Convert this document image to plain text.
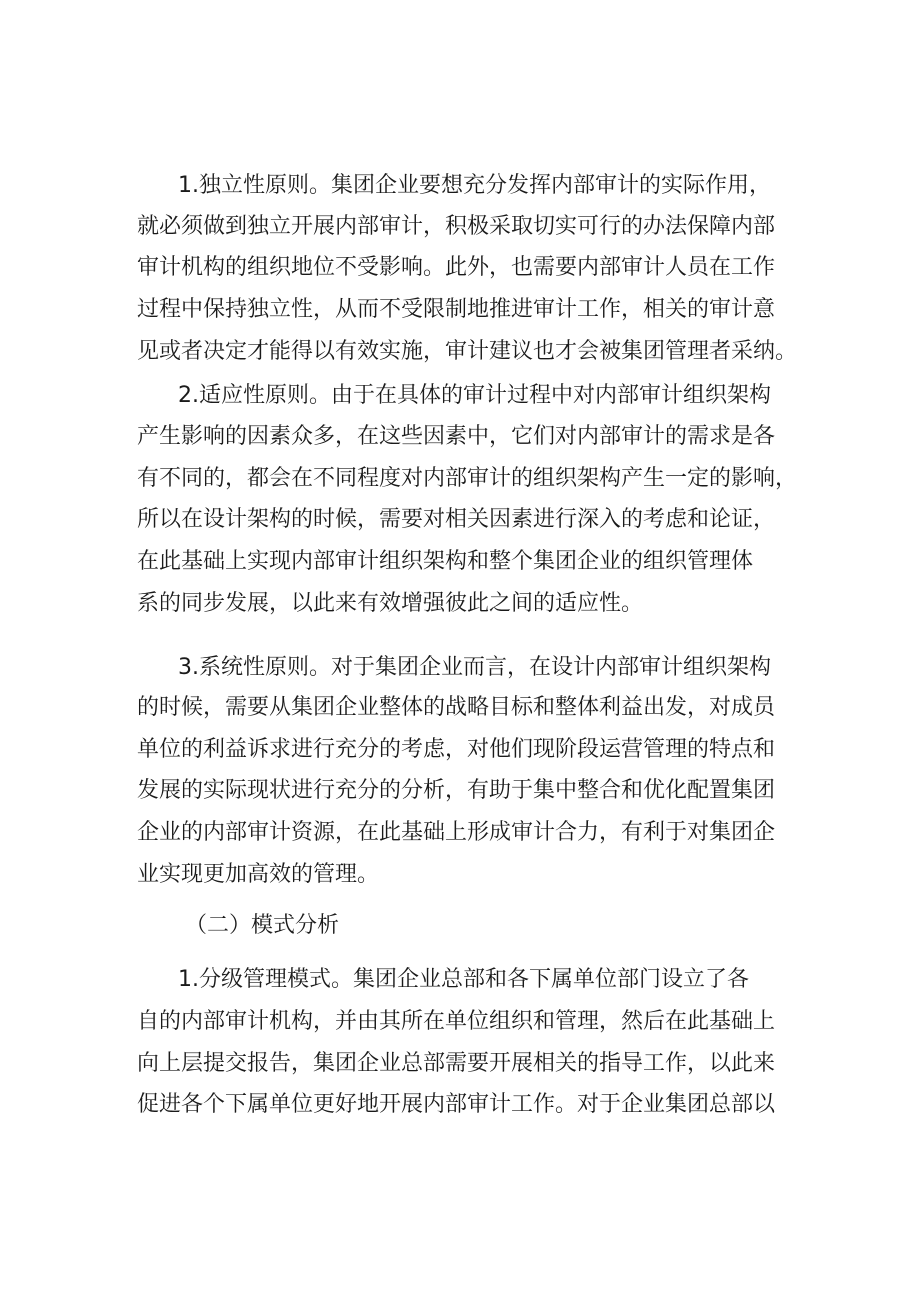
1.独立性原则。集团企业要想充分发挥内部审计的实际作用，
就必须做到独立开展内部审计，积极采取切实可行的办法保障内部
审计机构的组织地位不受影响。此外，也需要内部审计人员在工作
过程中保持独立性，从而不受限制地推进审计工作，相关的审计意
见或者决定才能得以有效实施，审计建议也才会被集团管理者采纳。
2.适应性原则。由于在具体的审计过程中对内部审计组织架构
产生影响的因素众多，在这些因素中，它们对内部审计的需求是各
有不同的，都会在不同程度对内部审计的组织架构产生一定的影响，
所以在设计架构的时候，需要对相关因素进行深入的考虑和论证，
在此基础上实现内部审计组织架构和整个集团企业的组织管理体
系的同步发展，以此来有效增强彼此之间的适应性。
3.系统性原则。对于集团企业而言，在设计内部审计组织架构
的时候，需要从集团企业整体的战略目标和整体利益出发，对成员
单位的利益诉求进行充分的考虑，对他们现阶段运营管理的特点和
发展的实际现状进行充分的分析，有助于集中整合和优化配置集团
企业的内部审计资源，在此基础上形成审计合力，有利于对集团企
业实现更加高效的管理。
（二）模式分析
1.分级管理模式。集团企业总部和各下属单位部门设立了各
自的内部审计机构，并由其所在单位组织和管理，然后在此基础上
向上层提交报告，集团企业总部需要开展相关的指导工作，以此来
促进各个下属单位更好地开展内部审计工作。对于企业集团总部以
